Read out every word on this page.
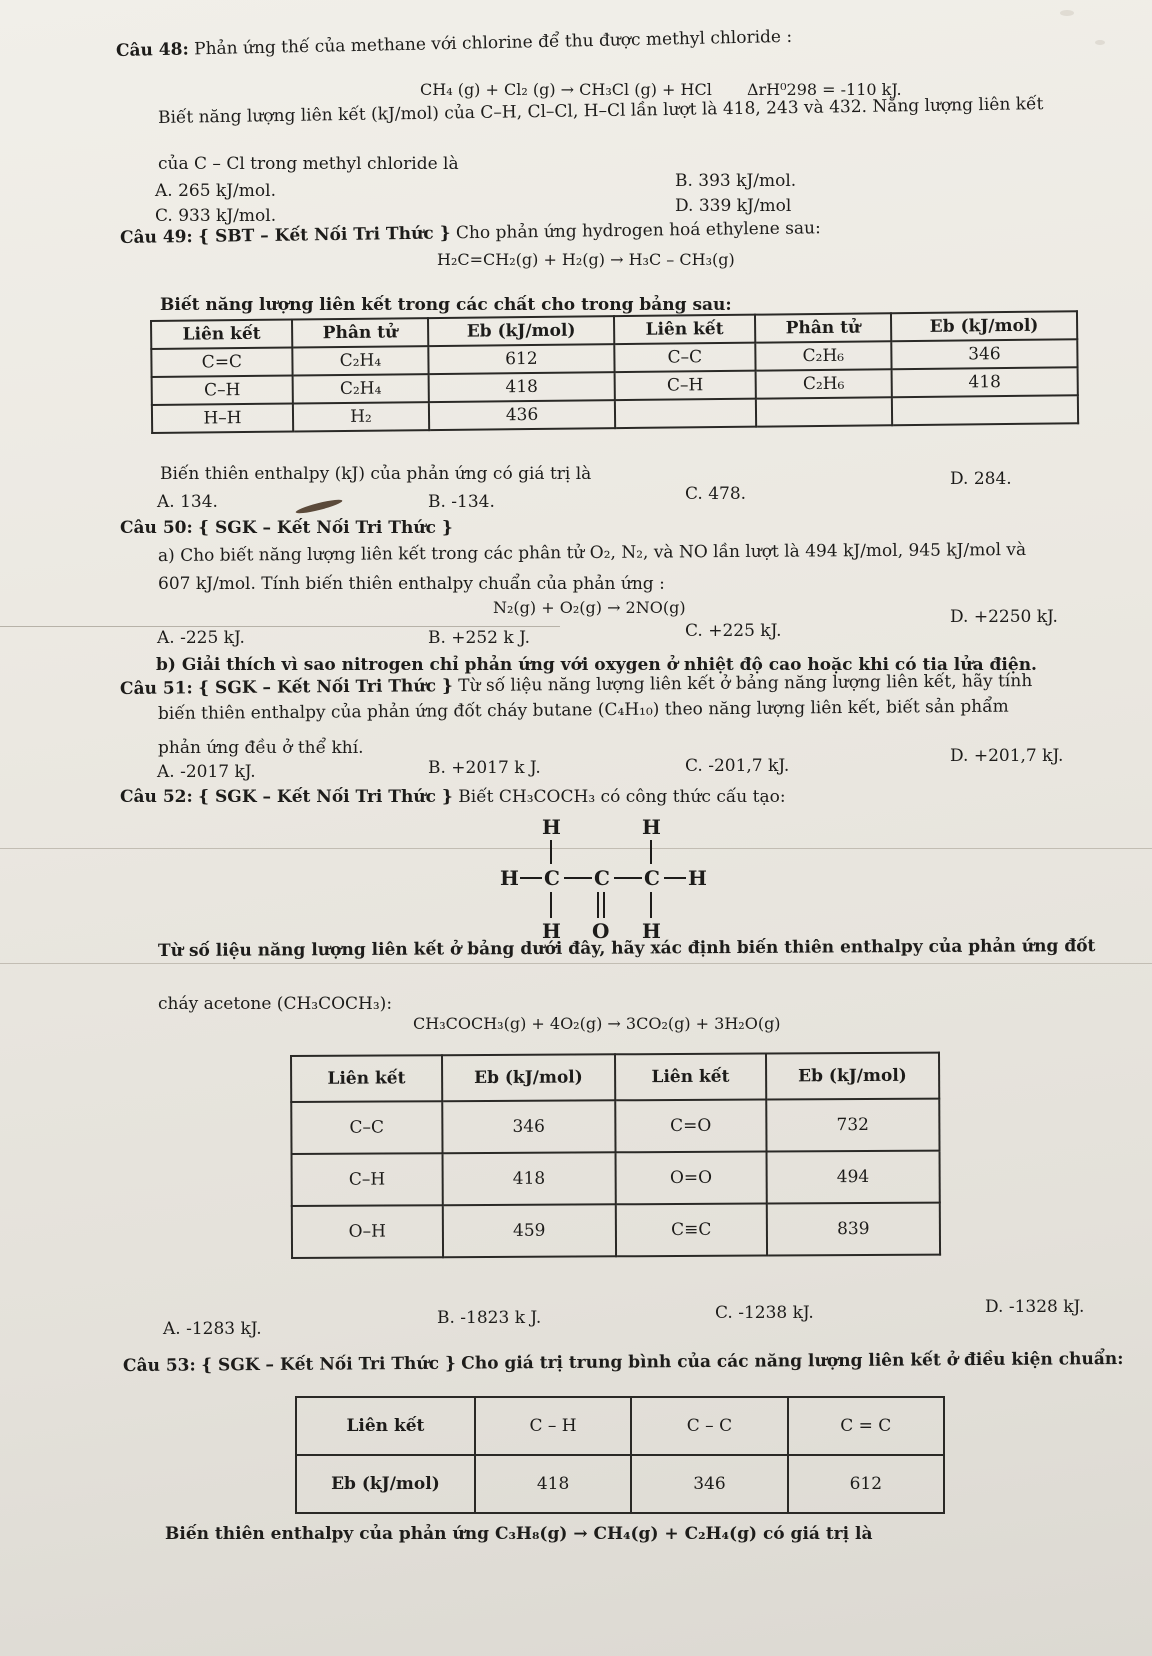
Câu 48: Phản ứng thế của methane với chlorine để thu được methyl chloride :
CH₄ (g) + Cl₂ (g) → CH₃Cl (g) + HCl ΔrH⁰298 = -110 kJ.
Biết năng lượng liên kết (kJ/mol) của C–H, Cl–Cl, H–Cl lần lượt là 418, 243 và 432. Năng lượng liên kết
của C – Cl trong methyl chloride là
A. 265 kJ/mol.	B. 393 kJ/mol.
C. 933 kJ/mol.	D. 339 kJ/mol
Câu 49: { SBT – Kết Nối Tri Thức } Cho phản ứng hydrogen hoá ethylene sau:
H₂C=CH₂(g) + H₂(g) → H₃C – CH₃(g)
Biết năng lượng liên kết trong các chất cho trong bảng sau:
Liên kết	Phân tử	Eb (kJ/mol)	Liên kết	Phân tử	Eb (kJ/mol)
C=C	C₂H₄	612	C–C	C₂H₆	346
C–H	C₂H₄	418	C–H	C₂H₆	418
H–H	H₂	436			
Biến thiên enthalpy (kJ) của phản ứng có giá trị là
A. 134.	B. -134.	C. 478.
D. 284.
Câu 50: { SGK – Kết Nối Tri Thức }
a) Cho biết năng lượng liên kết trong các phân tử O₂, N₂, và NO lần lượt là 494 kJ/mol, 945 kJ/mol và
607 kJ/mol. Tính biến thiên enthalpy chuẩn của phản ứng :
N₂(g) + O₂(g) → 2NO(g)
A. -225 kJ.	B. +252 k J.	C. +225 kJ.
D. +2250 kJ.
b) Giải thích vì sao nitrogen chỉ phản ứng với oxygen ở nhiệt độ cao hoặc khi có tia lửa điện.
Câu 51: { SGK – Kết Nối Tri Thức } Từ số liệu năng lượng liên kết ở bảng năng lượng liên kết, hãy tính
biến thiên enthalpy của phản ứng đốt cháy butane (C₄H₁₀) theo năng lượng liên kết, biết sản phẩm
phản ứng đều ở thể khí.
A. -2017 kJ.	B. +2017 k J.	C. -201,7 kJ.	D. +201,7 kJ.
Câu 52: { SGK – Kết Nối Tri Thức } Biết CH₃COCH₃ có công thức cấu tạo:
H	H
H C C C H
H O H
Từ số liệu năng lượng liên kết ở bảng dưới đây, hãy xác định biến thiên enthalpy của phản ứng đốt
cháy acetone (CH₃COCH₃):
CH₃COCH₃(g) + 4O₂(g) → 3CO₂(g) + 3H₂O(g)
Liên kết	Eb (kJ/mol)	Liên kết	Eb (kJ/mol)
C–C	346	C=O	732
C–H	418	O=O	494
O–H	459	C≡C	839
A. -1283 kJ.
B. -1823 k J.	C. -1238 kJ.	D. -1328 kJ.
Câu 53: { SGK – Kết Nối Tri Thức } Cho giá trị trung bình của các năng lượng liên kết ở điều kiện chuẩn:
Liên kết	C – H	C – C	C = C
Eb (kJ/mol)	418	346	612
Biến thiên enthalpy của phản ứng C₃H₈(g) → CH₄(g) + C₂H₄(g) có giá trị là
